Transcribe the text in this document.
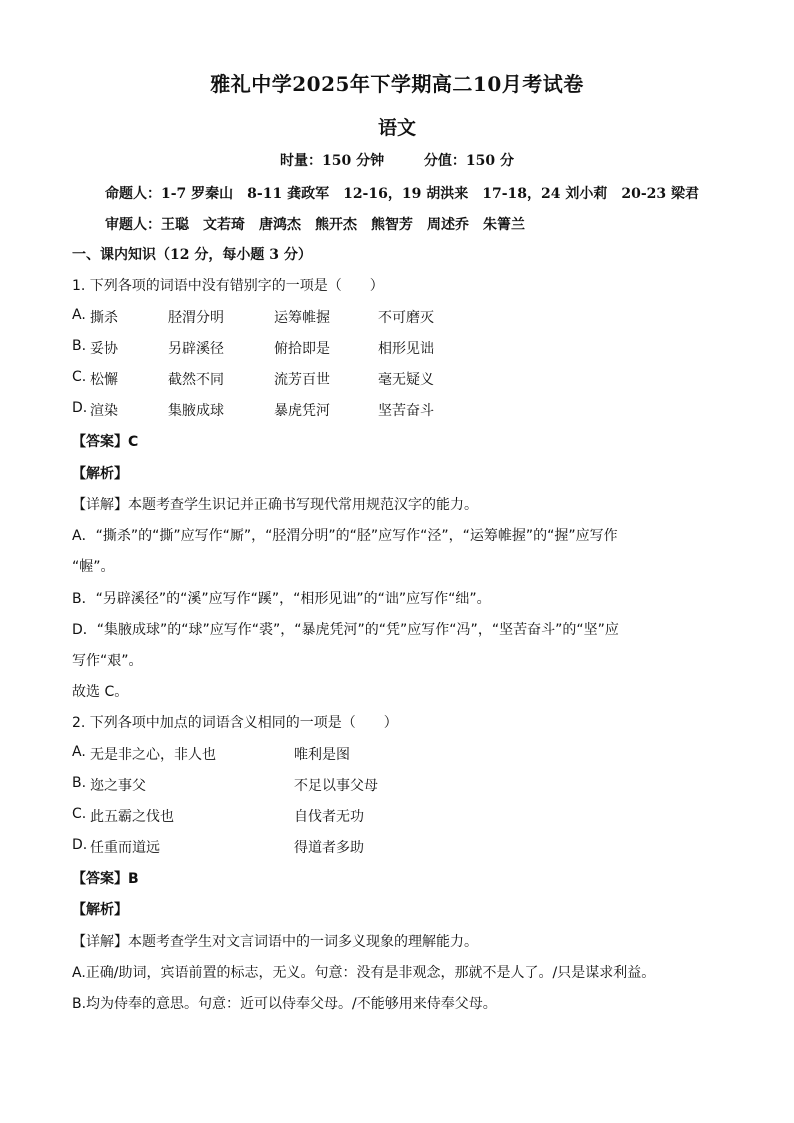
雅礼中学2025年下学期高二10月考试卷
语文
时量：150 分钟	分值：150 分
命题人：1-7 罗秦山　8-11 龚政军　12-16，19 胡洪来　17-18，24 刘小莉　20-23 梁君
审题人：王聪　文若琦　唐鸿杰　熊开杰　熊智芳　周述乔　朱箐兰
一、课内知识（12 分，每小题 3 分）
1. 下列各项的词语中没有错别字的一项是（　　）
A. 撕杀	胫渭分明	运筹帷握	不可磨灭
B. 妥协	另辟溪径	俯拾即是	相形见诎
C. 松懈	截然不同	流芳百世	毫无疑义
D. 渲染	集腋成球	暴虎凭河	坚苦奋斗
【答案】C
【解析】
【详解】本题考查学生识记并正确书写现代常用规范汉字的能力。
A．“撕杀”的“撕”应写作“厮”，“胫渭分明”的“胫”应写作“泾”，“运筹帷握”的“握”应写作
“幄”。
B．“另辟溪径”的“溪”应写作“蹊”，“相形见诎”的“诎”应写作“绌”。
D．“集腋成球”的“球”应写作“裘”，“暴虎凭河”的“凭”应写作“冯”，“坚苦奋斗”的“坚”应
写作“艰”。
故选 C。
2. 下列各项中加点的词语含义相同的一项是（　　）
A. 无是非之心，非人也	唯利是图
B. 迩之事父	不足以事父母
C. 此五霸之伐也	自伐者无功
D. 任重而道远	得道者多助
【答案】B
【解析】
【详解】本题考查学生对文言词语中的一词多义现象的理解能力。
A.正确/助词，宾语前置的标志，无义。句意：没有是非观念，那就不是人了。/只是谋求利益。
B.均为侍奉的意思。句意：近可以侍奉父母。/不能够用来侍奉父母。
